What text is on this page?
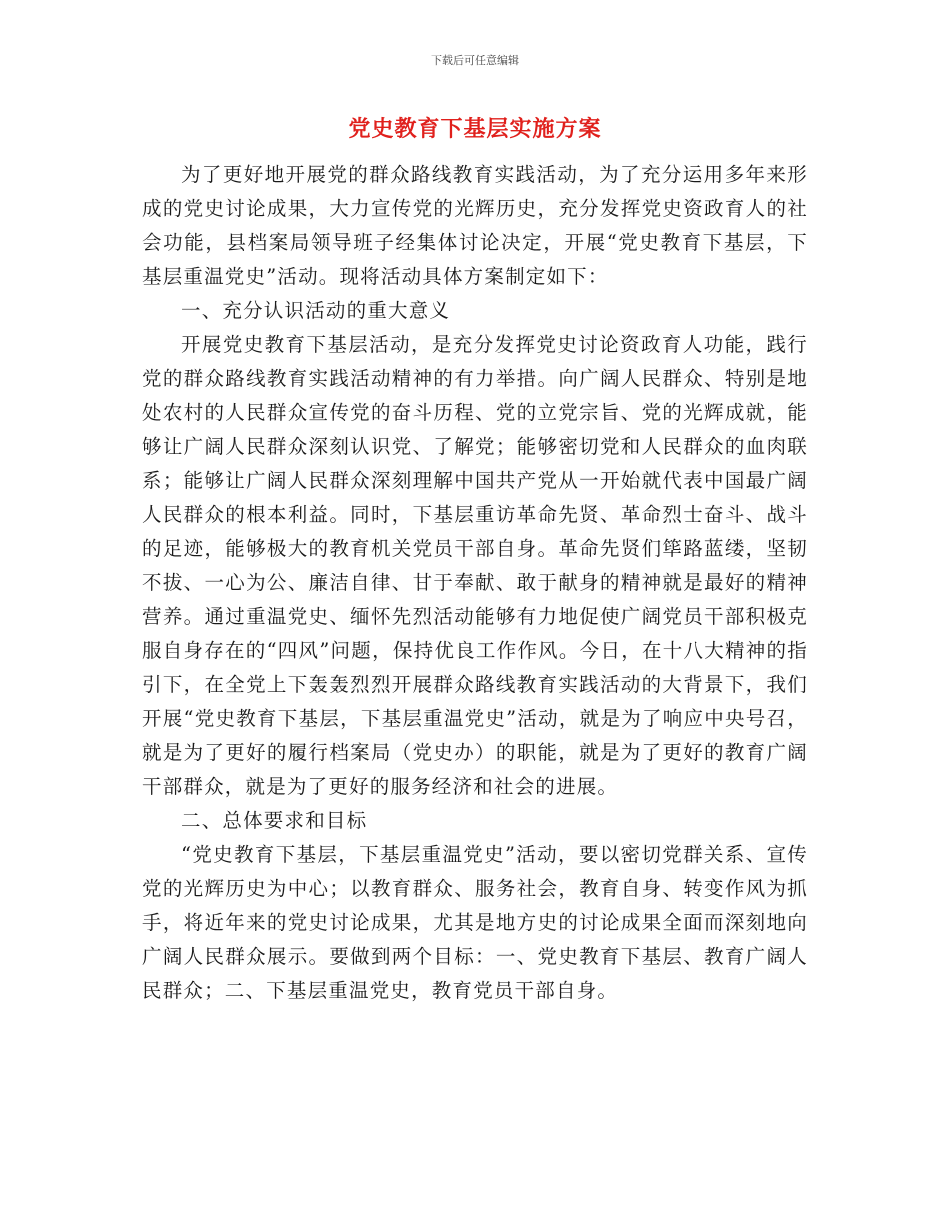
下载后可任意编辑
党史教育下基层实施方案

为了更好地开展党的群众路线教育实践活动，为了充分运用多年来形成的党史讨论成果，大力宣传党的光辉历史，充分发挥党史资政育人的社会功能，县档案局领导班子经集体讨论决定，开展“党史教育下基层，下基层重温党史”活动。现将活动具体方案制定如下：

一、充分认识活动的重大意义

开展党史教育下基层活动，是充分发挥党史讨论资政育人功能，践行党的群众路线教育实践活动精神的有力举措。向广阔人民群众、特别是地处农村的人民群众宣传党的奋斗历程、党的立党宗旨、党的光辉成就，能够让广阔人民群众深刻认识党、了解党；能够密切党和人民群众的血肉联系；能够让广阔人民群众深刻理解中国共产党从一开始就代表中国最广阔人民群众的根本利益。同时，下基层重访革命先贤、革命烈士奋斗、战斗的足迹，能够极大的教育机关党员干部自身。革命先贤们筚路蓝缕，坚韧不拔、一心为公、廉洁自律、甘于奉献、敢于献身的精神就是最好的精神营养。通过重温党史、缅怀先烈活动能够有力地促使广阔党员干部积极克服自身存在的“四风”问题，保持优良工作作风。今日，在十八大精神的指引下，在全党上下轰轰烈烈开展群众路线教育实践活动的大背景下，我们开展“党史教育下基层，下基层重温党史”活动，就是为了响应中央号召，就是为了更好的履行档案局（党史办）的职能，就是为了更好的教育广阔干部群众，就是为了更好的服务经济和社会的进展。

二、总体要求和目标

“党史教育下基层，下基层重温党史”活动，要以密切党群关系、宣传党的光辉历史为中心；以教育群众、服务社会，教育自身、转变作风为抓手，将近年来的党史讨论成果，尤其是地方史的讨论成果全面而深刻地向广阔人民群众展示。要做到两个目标：一、党史教育下基层、教育广阔人民群众；二、下基层重温党史，教育党员干部自身。
